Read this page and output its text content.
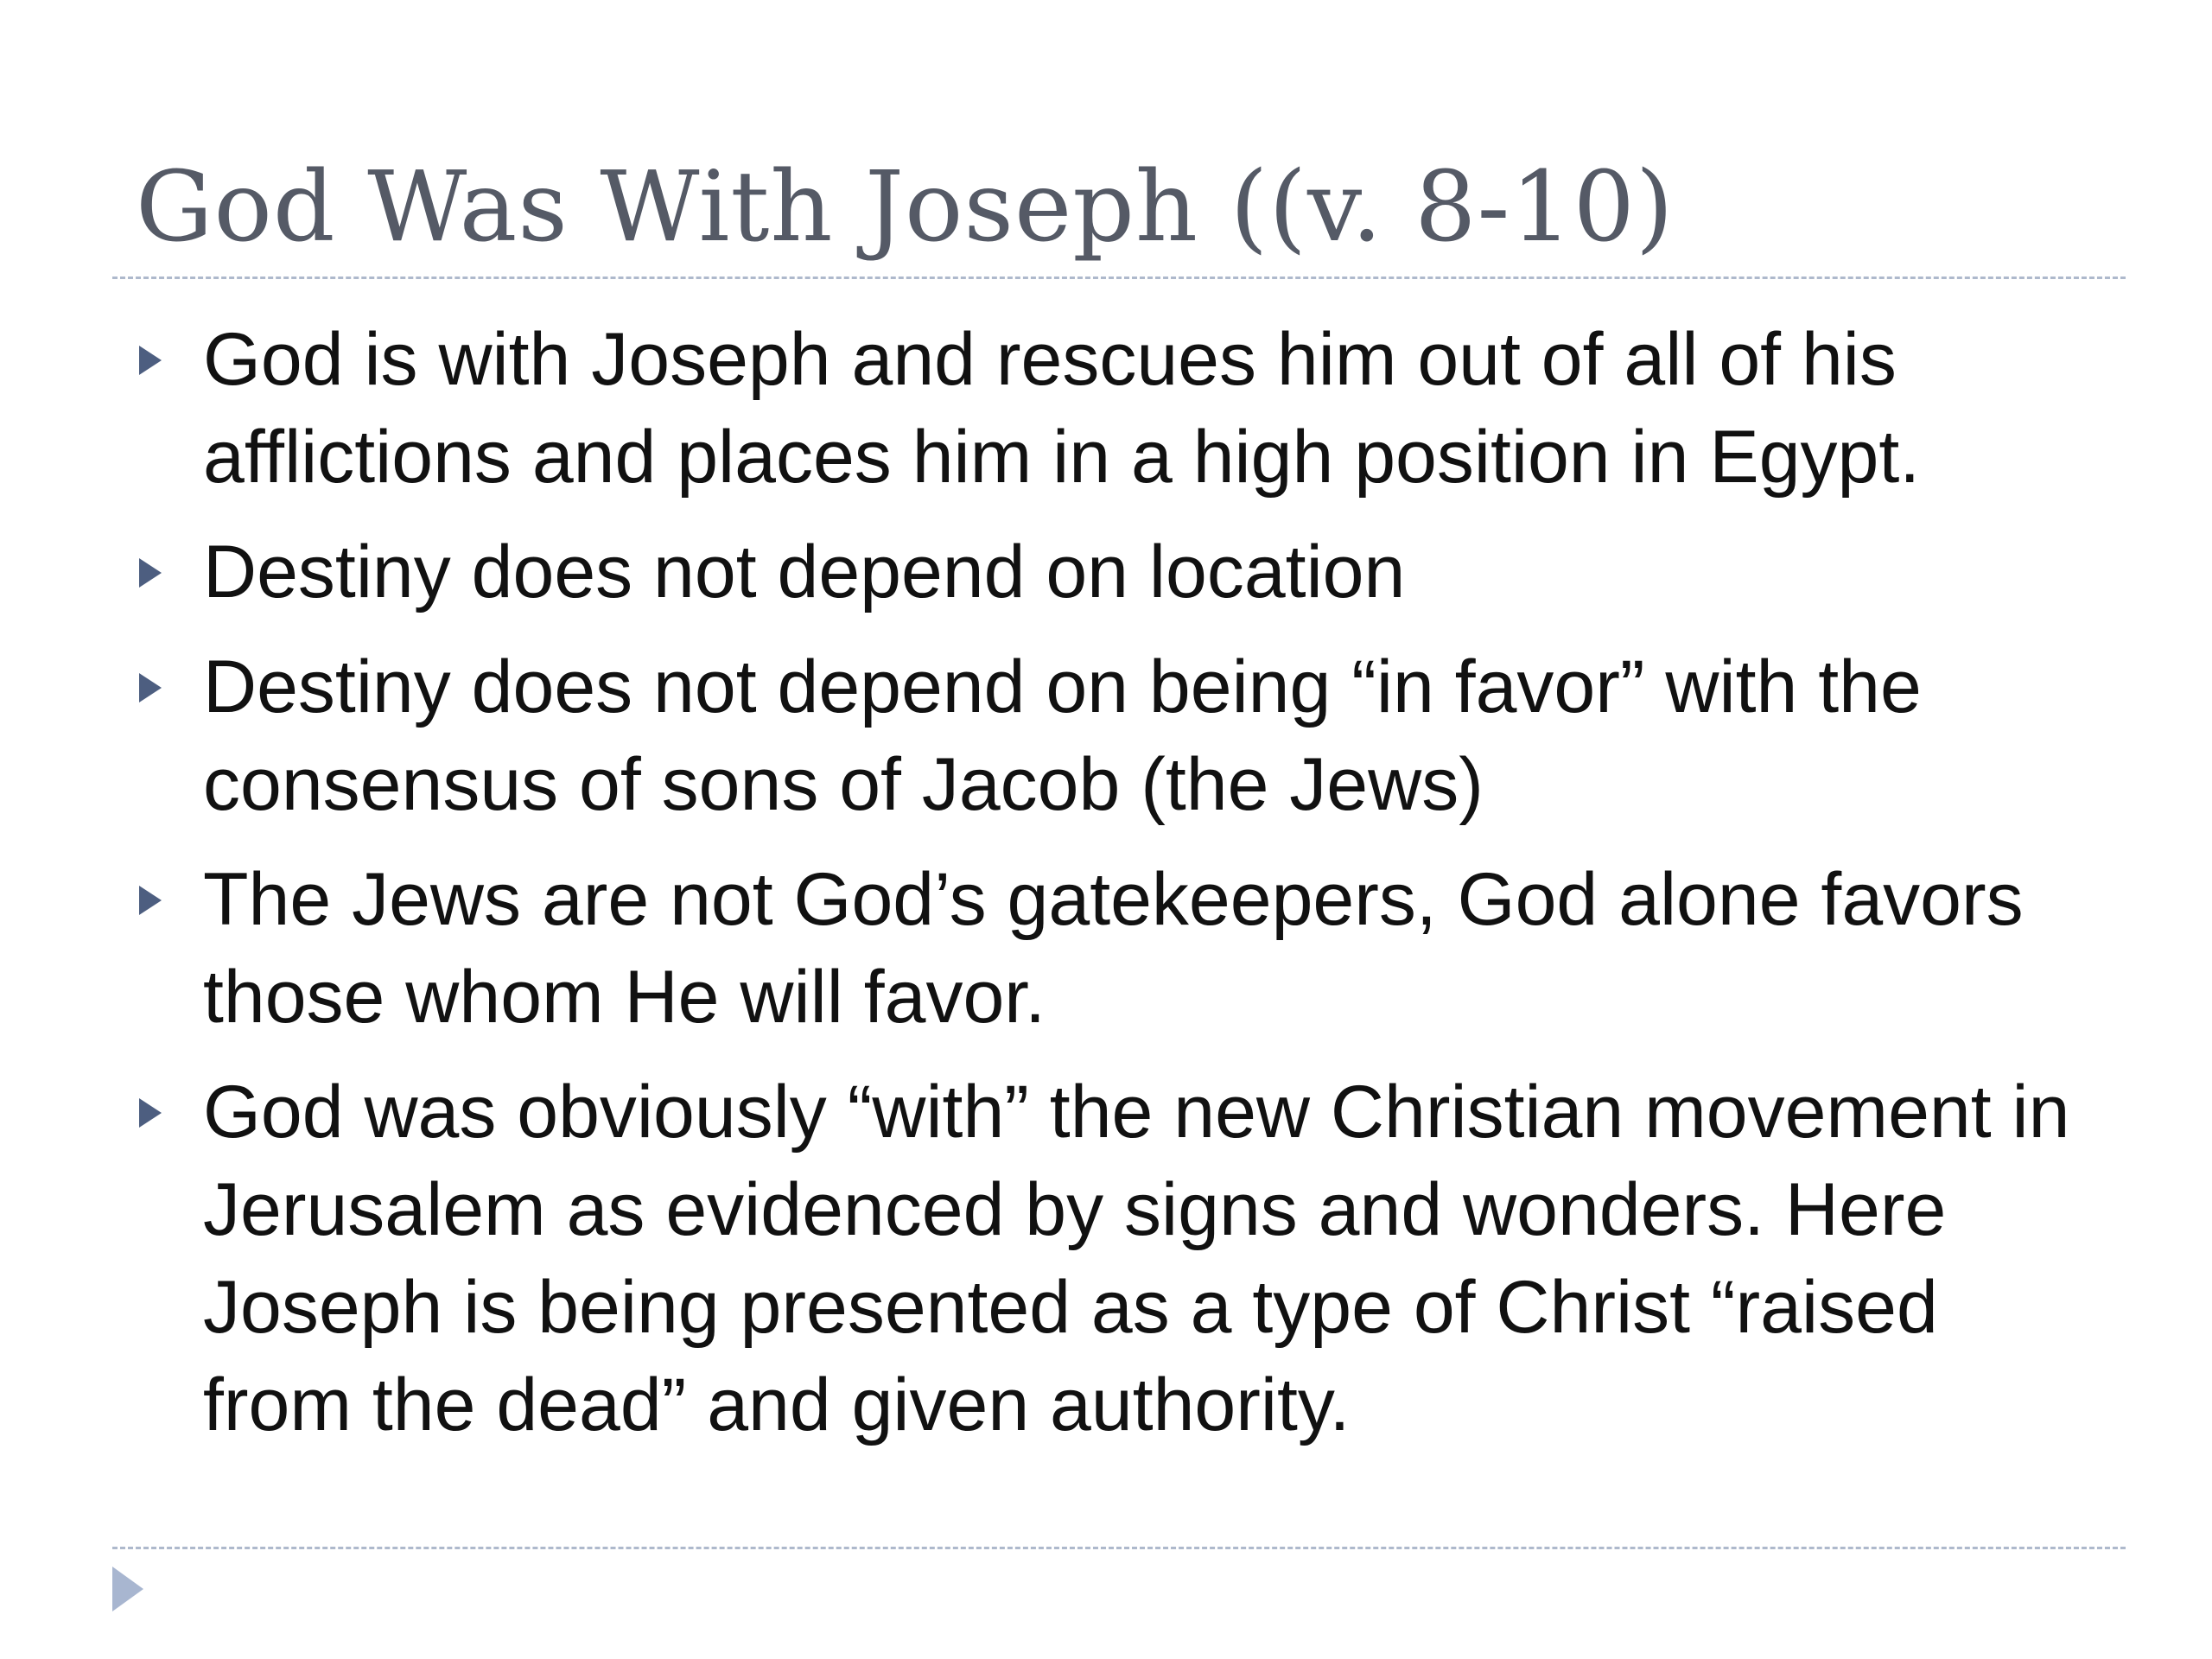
God Was With Joseph ((v. 8-10)
God is with Joseph and rescues him out of all of his afflictions and places him in a high position in Egypt.
Destiny does not depend on location
Destiny does not depend on being “in favor” with the consensus of sons of Jacob (the Jews)
The Jews are not God’s gatekeepers, God alone favors those whom He will favor.
God was obviously “with” the new Christian movement in Jerusalem as evidenced by signs and wonders. Here Joseph is being presented as a type of Christ “raised from the dead” and given authority.
